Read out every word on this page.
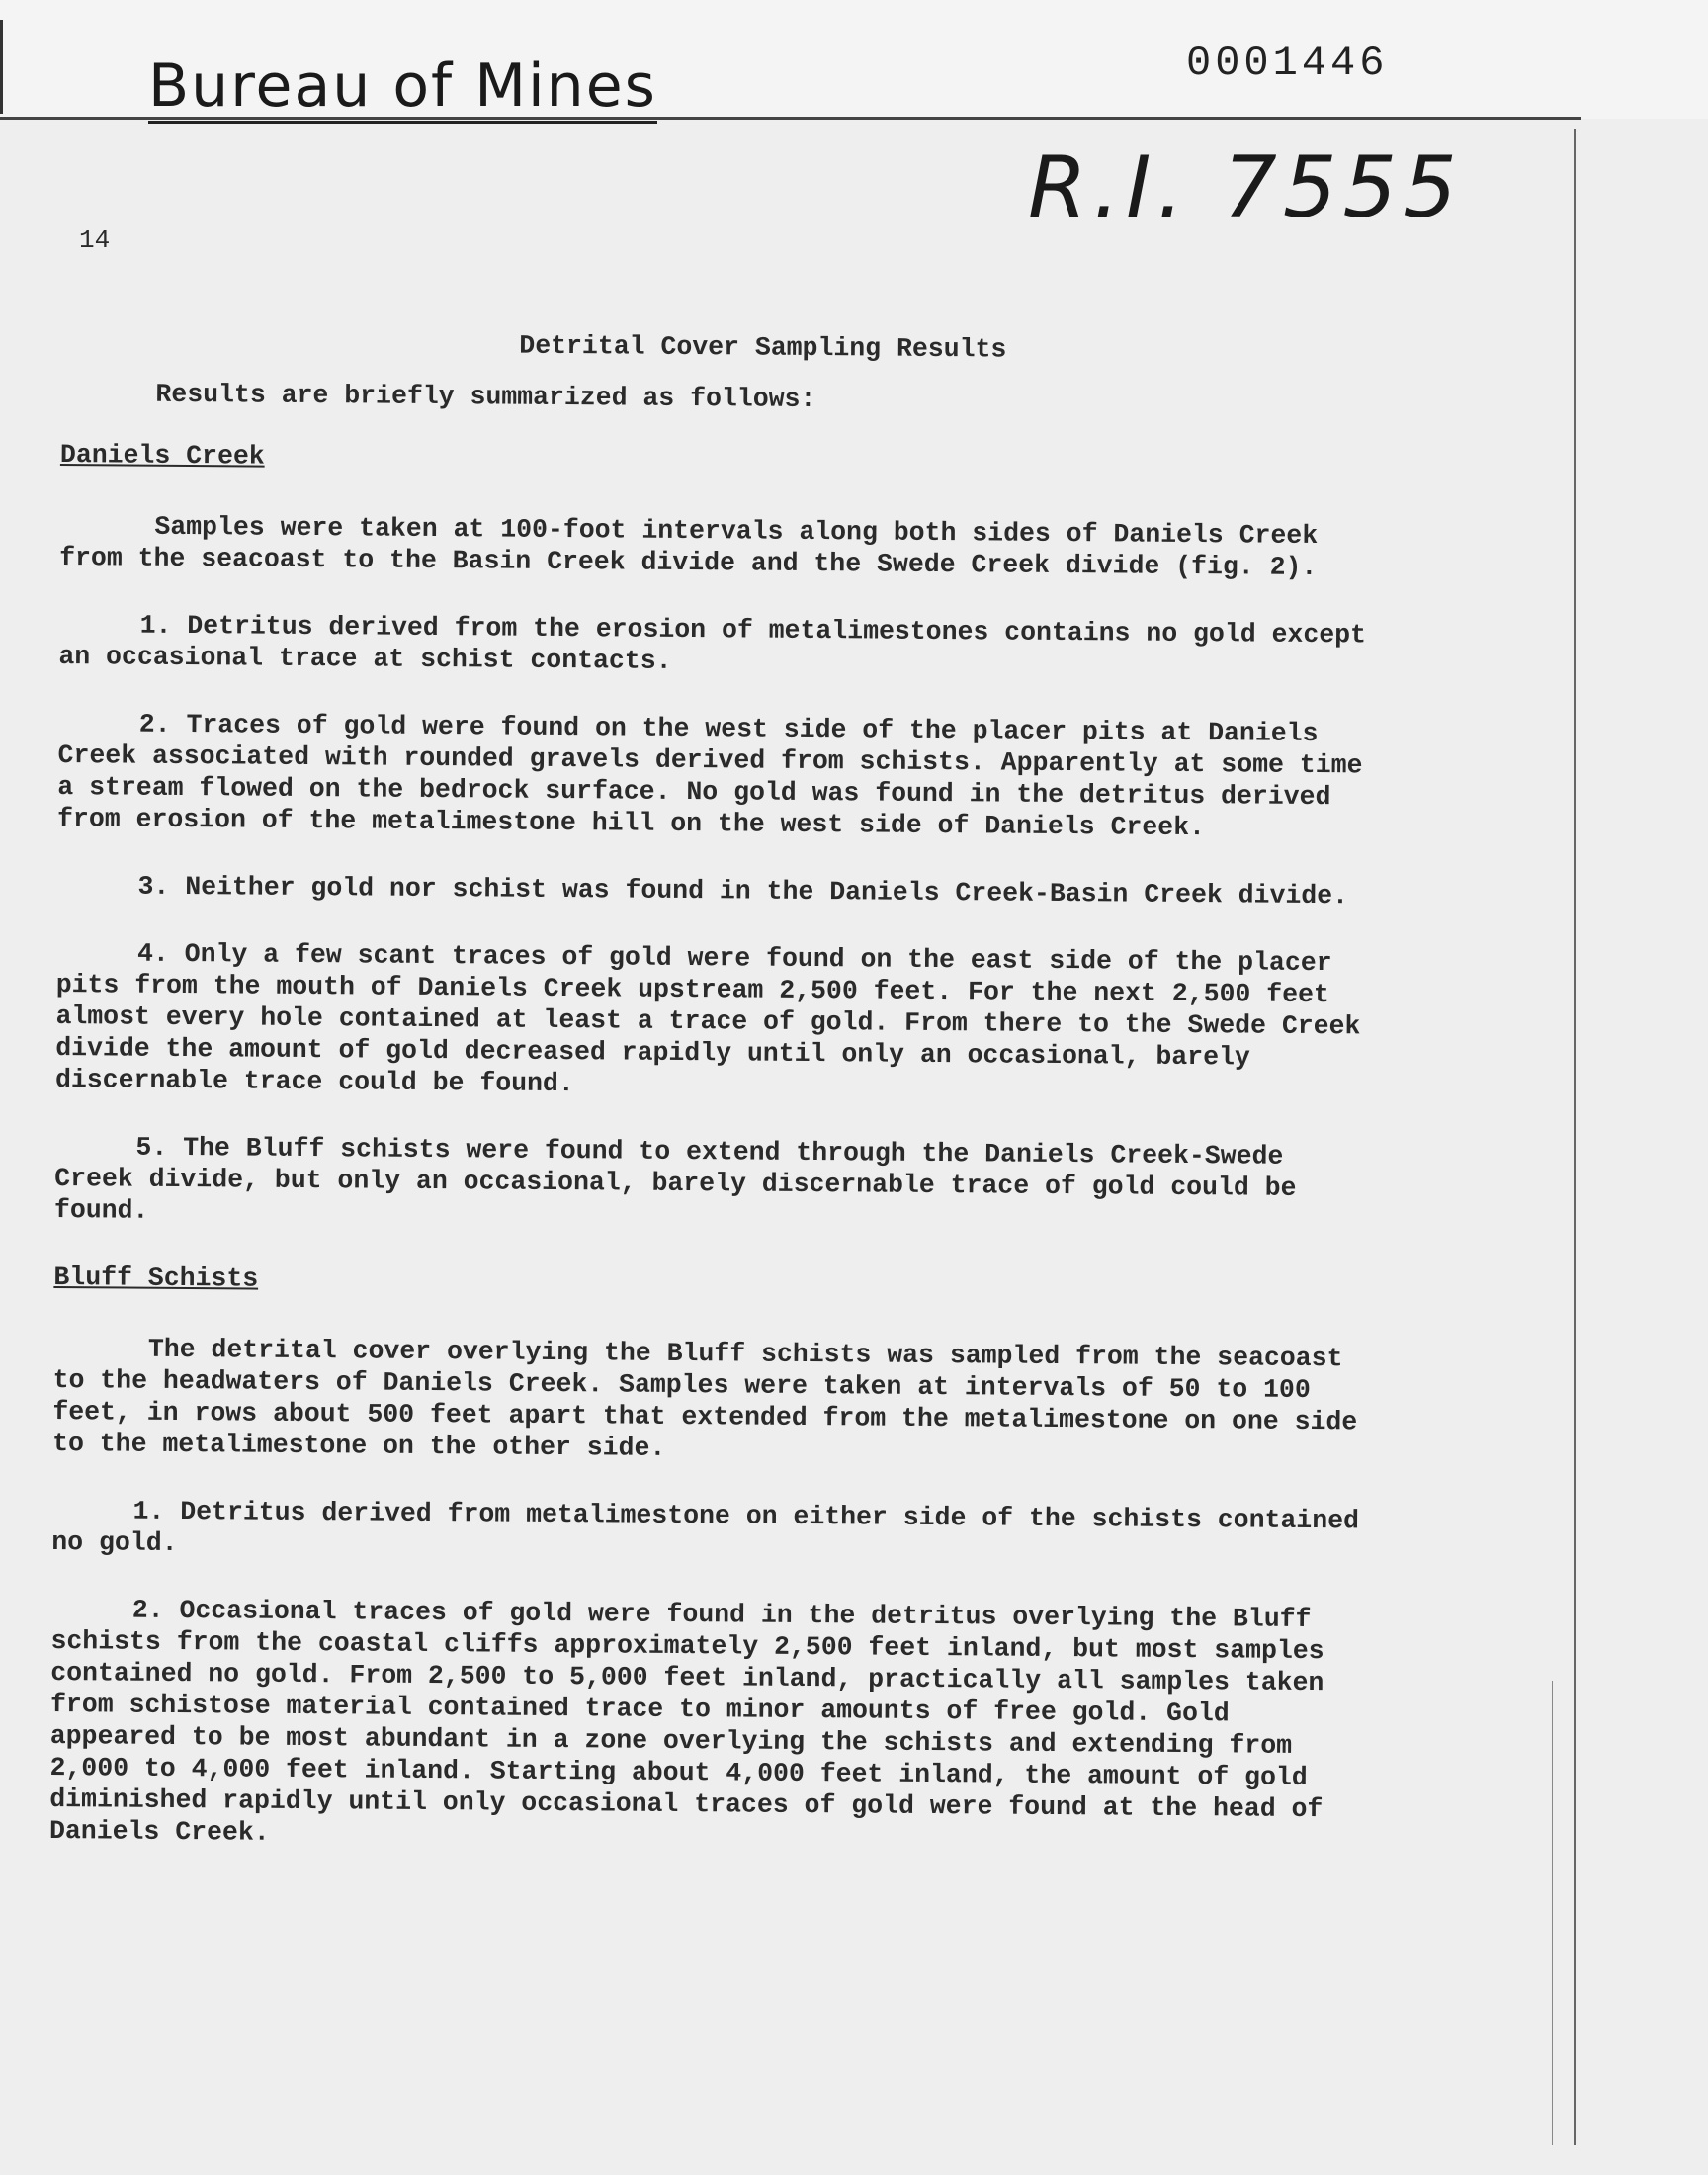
Bureau of Mines	0001446
R.I. 7555
14
Detrital Cover Sampling Results
Results are briefly summarized as follows:
Daniels Creek
Samples were taken at 100-foot intervals along both sides of Daniels Creek from the seacoast to the Basin Creek divide and the Swede Creek divide (fig. 2).
1. Detritus derived from the erosion of metalimestones contains no gold except an occasional trace at schist contacts.
2. Traces of gold were found on the west side of the placer pits at Daniels Creek associated with rounded gravels derived from schists. Apparently at some time a stream flowed on the bedrock surface. No gold was found in the detritus derived from erosion of the metalimestone hill on the west side of Daniels Creek.
3. Neither gold nor schist was found in the Daniels Creek-Basin Creek divide.
4. Only a few scant traces of gold were found on the east side of the placer pits from the mouth of Daniels Creek upstream 2,500 feet. For the next 2,500 feet almost every hole contained at least a trace of gold. From there to the Swede Creek divide the amount of gold decreased rapidly until only an occasional, barely discernable trace could be found.
5. The Bluff schists were found to extend through the Daniels Creek-Swede Creek divide, but only an occasional, barely discernable trace of gold could be found.
Bluff Schists
The detrital cover overlying the Bluff schists was sampled from the seacoast to the headwaters of Daniels Creek. Samples were taken at intervals of 50 to 100 feet, in rows about 500 feet apart that extended from the metalimestone on one side to the metalimestone on the other side.
1. Detritus derived from metalimestone on either side of the schists contained no gold.
2. Occasional traces of gold were found in the detritus overlying the Bluff schists from the coastal cliffs approximately 2,500 feet inland, but most samples contained no gold. From 2,500 to 5,000 feet inland, practically all samples taken from schistose material contained trace to minor amounts of free gold. Gold appeared to be most abundant in a zone overlying the schists and extending from 2,000 to 4,000 feet inland. Starting about 4,000 feet inland, the amount of gold diminished rapidly until only occasional traces of gold were found at the head of Daniels Creek.
